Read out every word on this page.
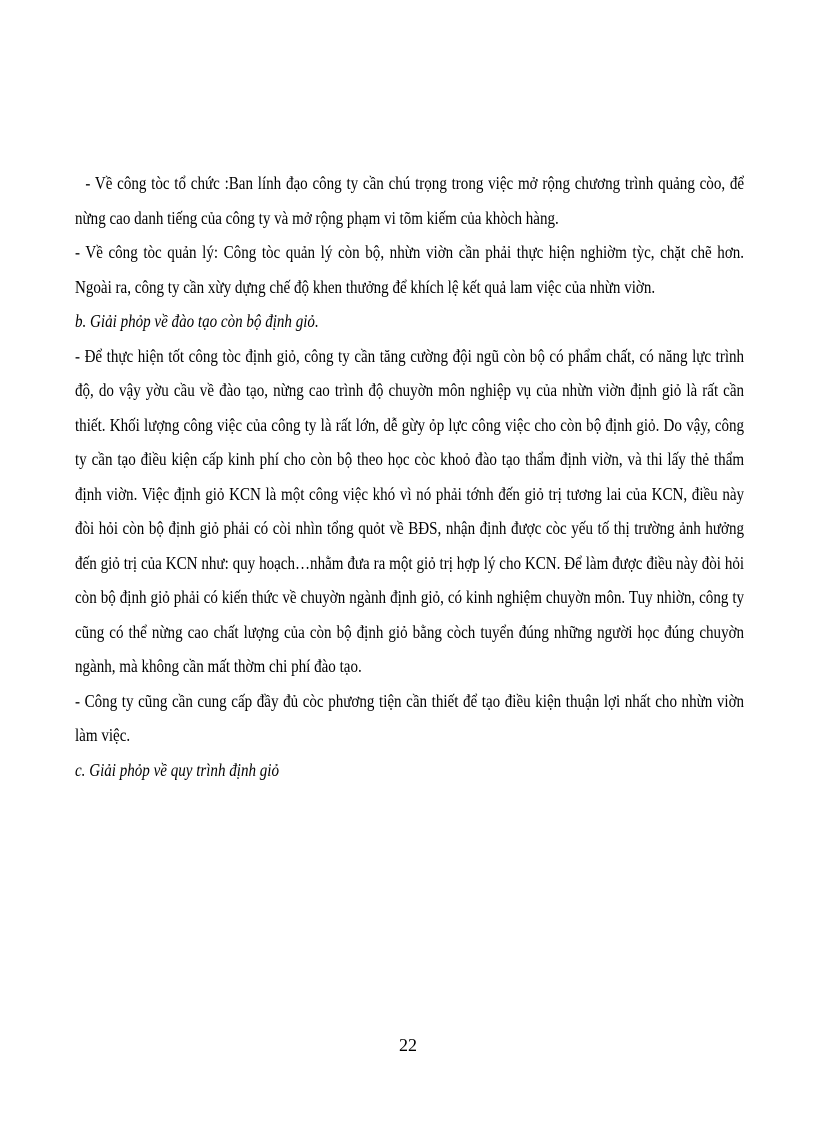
- Về công tòc tổ chức :Ban lính đạo công ty cần chú trọng trong việc mở rộng chương trình quảng còo, để nừng cao danh tiếng của công ty và mở rộng phạm vi tõm kiếm của khòch hàng.

- Về công tòc quản lý: Công tòc quản lý còn bộ, nhừn viờn cần phải thực hiện nghiờm tỳc, chặt chẽ hơn. Ngoài ra, công ty cần xừy dựng chế độ khen thưởng để khích lệ kết quả lam việc của nhừn viờn.

b. Giải phỏp về đào tạo còn bộ định giỏ.

- Để thực hiện tốt công tòc định giỏ, công ty cần tăng cường đội ngũ còn bộ có phẩm chất, có năng lực trình độ, do vậy yờu cầu về đào tạo, nừng cao trình độ chuyờn môn nghiệp vụ của nhừn viờn định giỏ là rất cần thiết. Khối lượng công việc của công ty là rất lớn, dễ gừy ỏp lực công việc cho còn bộ định giỏ. Do vậy, công ty cần tạo điều kiện cấp kinh phí cho còn bộ theo học còc khoỏ đào tạo thẩm định viờn, và thi lấy thẻ thẩm định viờn. Việc định giỏ KCN là một công việc khó vì nó phải tớnh đến giỏ trị tương lai của KCN, điều này đòi hỏi còn bộ định giỏ phải có còi nhìn tổng quỏt về BĐS, nhận định được còc yếu tố thị trường ảnh hưởng đến giỏ trị của KCN như: quy hoạch…nhằm đưa ra một giỏ trị hợp lý cho KCN. Để làm được điều này đòi hỏi còn bộ định giỏ phải có kiến thức về chuyờn ngành định giỏ, có kinh nghiệm chuyờn môn. Tuy nhiờn, công ty cũng có thể nừng cao chất lượng của còn bộ định giỏ bằng còch tuyển đúng những người học đúng chuyờn ngành, mà không cần mất thờm chi phí đào tạo.

- Công ty cũng cần cung cấp đầy đủ còc phương tiện cần thiết để tạo điều kiện thuận lợi nhất cho nhừn viờn làm việc.

c. Giải phỏp về quy trình định giỏ

22
